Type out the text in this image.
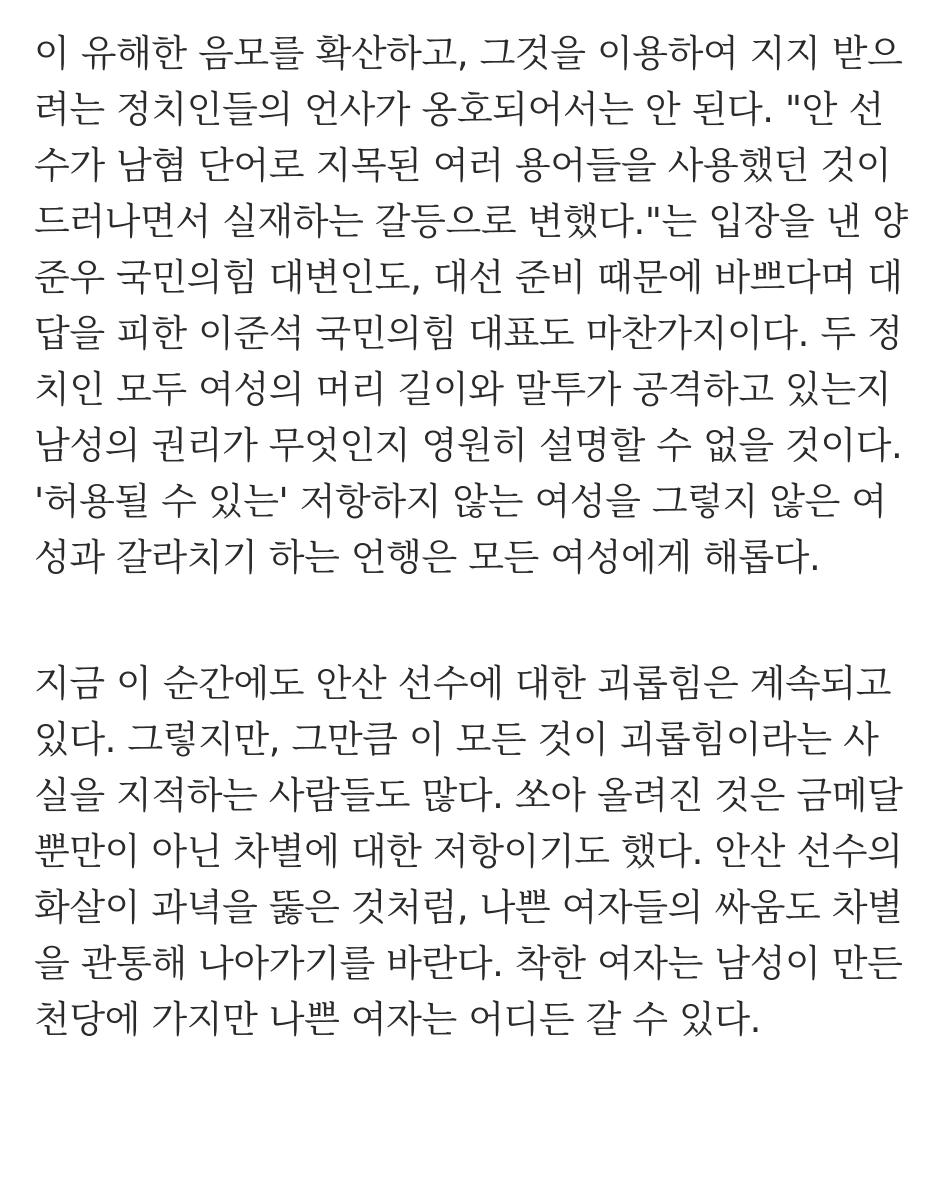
이 유해한 음모를 확산하고, 그것을 이용하여 지지 받으
려는 정치인들의 언사가 옹호되어서는 안 된다. "안 선
수가 남혐 단어로 지목된 여러 용어들을 사용했던 것이
드러나면서 실재하는 갈등으로 변했다."는 입장을 낸 양
준우 국민의힘 대변인도, 대선 준비 때문에 바쁘다며 대
답을 피한 이준석 국민의힘 대표도 마찬가지이다. 두 정
치인 모두 여성의 머리 길이와 말투가 공격하고 있는지
남성의 권리가 무엇인지 영원히 설명할 수 없을 것이다.
'허용될 수 있는' 저항하지 않는 여성을 그렇지 않은 여
성과 갈라치기 하는 언행은 모든 여성에게 해롭다.

지금 이 순간에도 안산 선수에 대한 괴롭힘은 계속되고
있다. 그렇지만, 그만큼 이 모든 것이 괴롭힘이라는 사
실을 지적하는 사람들도 많다. 쏘아 올려진 것은 금메달
뿐만이 아닌 차별에 대한 저항이기도 했다. 안산 선수의
화살이 과녁을 뚫은 것처럼, 나쁜 여자들의 싸움도 차별
을 관통해 나아가기를 바란다. 착한 여자는 남성이 만든
천당에 가지만 나쁜 여자는 어디든 갈 수 있다.
